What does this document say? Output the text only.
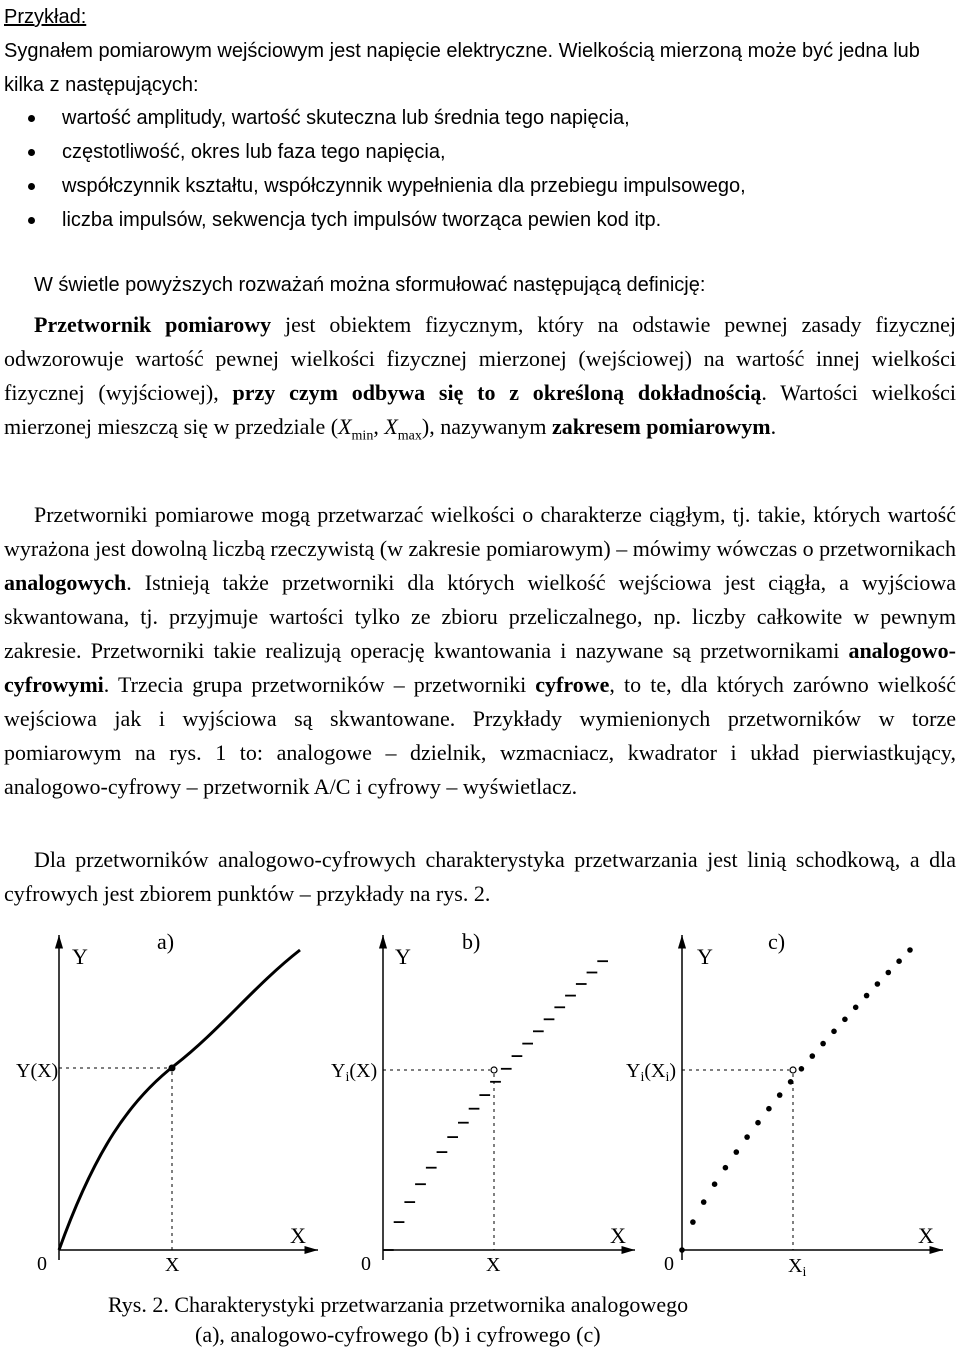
Przykład:
Sygnałem pomiarowym wejściowym jest napięcie elektryczne. Wielkością mierzoną może być jedna lub kilka z następujących:
wartość amplitudy, wartość skuteczna lub średnia tego napięcia,
częstotliwość, okres lub faza tego napięcia,
współczynnik kształtu, współczynnik wypełnienia dla przebiegu impulsowego,
liczba impulsów, sekwencja tych impulsów tworząca pewien kod itp.
W świetle powyższych rozważań można sformułować następującą definicję:

Przetwornik pomiarowy jest obiektem fizycznym, który na odstawie pewnej zasady fizycznej odwzorowuje wartość pewnej wielkości fizycznej mierzonej (wejściowej) na wartość innej wielkości fizycznej (wyjściowej), przy czym odbywa się to z określoną dokładnością. Wartości wielkości mierzonej mieszczą się w przedziale ($X_{min}$, $X_{max}$), nazywanym zakresem pomiarowym.

Przetworniki pomiarowe mogą przetwarzać wielkości o charakterze ciągłym, tj. takie, których wartość wyrażona jest dowolną liczbą rzeczywistą (w zakresie pomiarowym) – mówimy wówczas o przetwornikach analogowych. Istnieją także przetworniki dla których wielkość wejściowa jest ciągła, a wyjściowa skwantowana, tj. przyjmuje wartości tylko ze zbioru przeliczalnego, np. liczby całkowite w pewnym zakresie. Przetworniki takie realizują operację kwantowania i nazywane są przetwornikami analogowo-cyfrowymi. Trzecia grupa przetworników – przetworniki cyfrowe, to te, dla których zarówno wielkość wejściowa jak i wyjściowa są skwantowane. Przykłady wymienionych przetworników w torze pomiarowym na rys. 1 to: analogowe – dzielnik, wzmacniacz, kwadrator i układ pierwiastkujący, analogowo-cyfrowy – przetwornik A/C i cyfrowy – wyświetlacz.

Dla przetworników analogowo-cyfrowych charakterystyka przetwarzania jest linią schodkową, a dla cyfrowych jest zbiorem punktów – przykłady na rys. 2.

Y
a)
Y(X)
X
0	X
Y
b)
$Y_i(X)$
X
0	X
Y
c)
$Y_i(X_i)$
X
0	$X_i$
Rys. 2. Charakterystyki przetwarzania przetwornika analogowego
(a), analogowo-cyfrowego (b) i cyfrowego (c)
